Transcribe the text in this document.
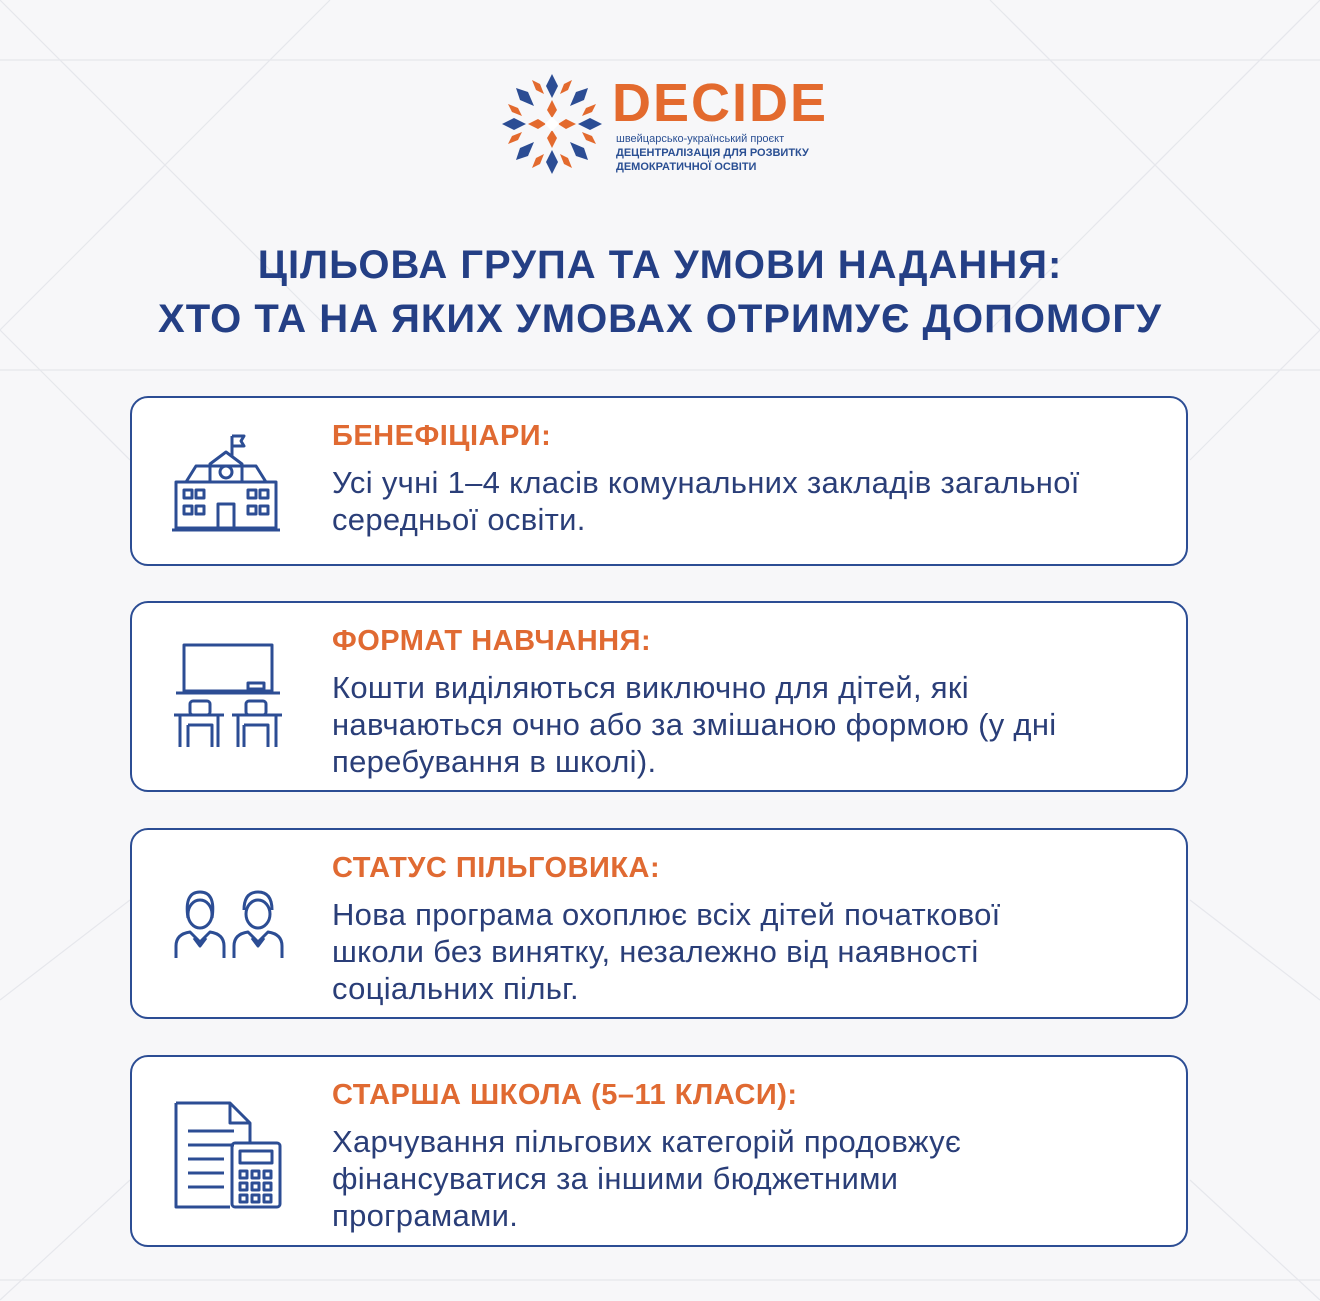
DECIDE
швейцарсько-український проєкт
ДЕЦЕНТРАЛІЗАЦІЯ ДЛЯ РОЗВИТКУ
ДЕМОКРАТИЧНОЇ ОСВІТИ
ЦІЛЬОВА ГРУПА ТА УМОВИ НАДАННЯ:
ХТО ТА НА ЯКИХ УМОВАХ ОТРИМУЄ ДОПОМОГУ
БЕНЕФІЦІАРИ:
Усі учні 1–4 класів комунальних закладів загальної
середньої освіти.
ФОРМАТ НАВЧАННЯ:
Кошти виділяються виключно для дітей, які
навчаються очно або за змішаною формою (у дні
перебування в школі).
СТАТУС ПІЛЬГОВИКА:
Нова програма охоплює всіх дітей початкової
школи без винятку, незалежно від наявності
соціальних пільг.
СТАРША ШКОЛА (5–11 КЛАСИ):
Харчування пільгових категорій продовжує
фінансуватися за іншими бюджетними
програмами.
